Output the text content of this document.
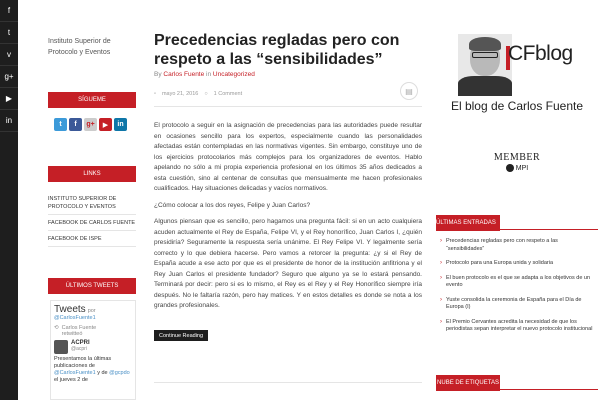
f
t
v
g+
▶
in
Instituto Superior de
Protocolo y Eventos
SÍGUEME
t	f	g+	▶	in
LINKS
INSTITUTO SUPERIOR DE PROTOCOLO Y EVENTOS
FACEBOOK DE CARLOS FUENTE
FACEBOOK DE ISPE
ÚLTIMOS TWEETS
Tweets por
@CarlosFuente1
⟲ Carlos Fuente
retwitteó
ACPRI
@acpri
Presentamos la últimas publicaciones de @CarlosFuente1 y de @gcpdo el jueves 2 de
Precedencias regladas pero con respeto a las “sensibilidades”
By Carlos Fuente in Uncategorized
▫ mayo 21, 2016 ○ 1 Comment	▤

El protocolo a seguir en la asignación de precedencias para las autoridades puede resultar en ocasiones sencillo para los expertos, especialmente cuando las personalidades afectadas están contempladas en las normativas vigentes. Sin embargo, constituye uno de los ejercicios protocolarios más complejos para los organizadores de eventos. Hablo apelando no sólo a mi propia experiencia profesional en los últimos 35 años dedicados a esta cuestión, sino al centenar de consultas que mensualmente me hacen profesionales cualificados. Hay situaciones delicadas y vacíos normativos.

¿Cómo colocar a los dos reyes, Felipe y Juan Carlos?

Algunos piensan que es sencillo, pero hagamos una pregunta fácil: si en un acto cualquiera acuden actualmente el Rey de España, Felipe VI, y el Rey honorífico, Juan Carlos I, ¿quién presidiría? Seguramente la respuesta sería unánime. El Rey Felipe VI. Y legalmente sería correcto y lo que debiera hacerse. Pero vamos a retorcer la pregunta: ¿y si el Rey de España acude a ese acto por que es el presidente de honor de la institución anfitriona y el Rey Juan Carlos el presidente fundador? Seguro que alguno ya se lo estará pensando. Terminará por decir: pero si es lo mismo, el Rey es el Rey y el Rey Honorífico siempre iría después. No le faltaría razón, pero hay matices. Y en estos detalles es donde se nota a los grandes profesionales.

Continue Reading
CFblog
El blog de Carlos Fuente
MEMBER
MPI
ÚLTIMAS ENTRADAS
› Precedencias regladas pero con respeto a las “sensibilidades”
› Protocolo para una Europa unida y solidaria
› El buen protocolo es el que se adapta a los objetivos de un evento
› Yuste consolida la ceremonia de España para el Día de Europa (I)
› El Premio Cervantes acredita la necesidad de que los periodistas sepan interpretar el nuevo protocolo institucional
NUBE DE ETIQUETAS
